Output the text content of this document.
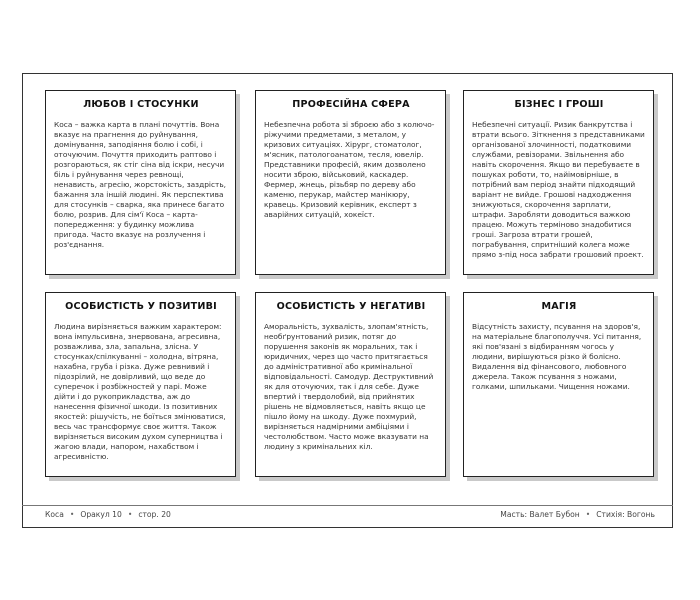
ЛЮБОВ І СТОСУНКИ

Коса – важка карта в плані почуттів. Вона вказує на прагнення до руйнування, домінування, заподіяння болю і собі, і оточуючим. Почуття приходить раптово і розгораються, як стіг сіна від іскри, несучи біль і руйнування через ревнощі, ненависть, агресію, жорстокість, заздрість, бажання зла іншій людині. Як перспектива для стосунків – сварка, яка принесе багато болю, розрив. Для сім'ї Коса – карта-попередження: у будинку можлива пригода. Часто вказує на розлучення і роз'єднання.

ПРОФЕСІЙНА СФЕРА

Небезпечна робота зі зброєю або з колючо-ріжучими предметами, з металом, у кризових ситуаціях. Хірург, стоматолог, м'ясник, патологоанатом, тесля, ювелір. Представники професій, яким дозволено носити зброю, військовий, каскадер. Фермер, жнець, різьбяр по дереву або каменю, перукар, майстер манікюру, кравець. Кризовий керівник, експерт з аварійних ситуацій, хокеїст.

БІЗНЕС І ГРОШІ

Небезпечні ситуації. Ризик банкрутства і втрати всього. Зіткнення з представниками організованої злочинності, податковими службами, ревізорами. Звільнення або навіть скорочення. Якщо ви перебуваєте в пошуках роботи, то, найімовірніше, в потрібний вам період знайти підходящий варіант не вийде. Грошові надходження знижуються, скорочення зарплати, штрафи. Заробляти доводиться важкою працею. Можуть терміново знадобитися гроші. Загроза втрати грошей, пограбування, спритніший колега може прямо з-під носа забрати грошовий проект.

ОСОБИСТІСТЬ У ПОЗИТИВІ

Людина вирізняється важким характером: вона імпульсивна, знервована, агресивна, розважлива, зла, запальна, злісна. У стосунках/спілкуванні – холодна, вітряна, нахабна, груба і різка. Дуже ревнивий і підозрілий, не довірливий, що веде до суперечок і розбіжностей у парі. Може дійти і до рукоприкладства, аж до нанесення фізичної шкоди. Із позитивних якостей: рішучість, не боїться змінюватися, весь час трансформує своє життя. Також вирізняється високим духом суперництва і жагою влади, напором, нахабством і агресивністю.

ОСОБИСТІСТЬ У НЕГАТИВІ

Аморальність, зухвалість, злопам'ятність, необґрунтований ризик, потяг до порушення законів як моральних, так і юридичних, через що часто притягається до адміністративної або кримінальної відповідальності. Самодур. Деструктивний як для оточуючих, так і для себе. Дуже впертий і твердолобий, від прийнятих рішень не відмовляється, навіть якщо це пішло йому на шкоду. Дуже похмурий, вирізняється надмірними амбіціями і честолюбством. Часто може вказувати на людину з кримінальних кіл.

МАГІЯ

Відсутність захисту, псування на здоров'я, на матеріальне благополуччя. Усі питання, які пов'язані з відбиранням чогось у людини, вирішуються різко й болісно. Видалення від фінансового, любовного джерела. Також псування з ножами, голками, шпильками. Чищення ножами.

Коса • Оракул 10 • стор. 20	Масть: Валет Бубон • Стихія: Вогонь
